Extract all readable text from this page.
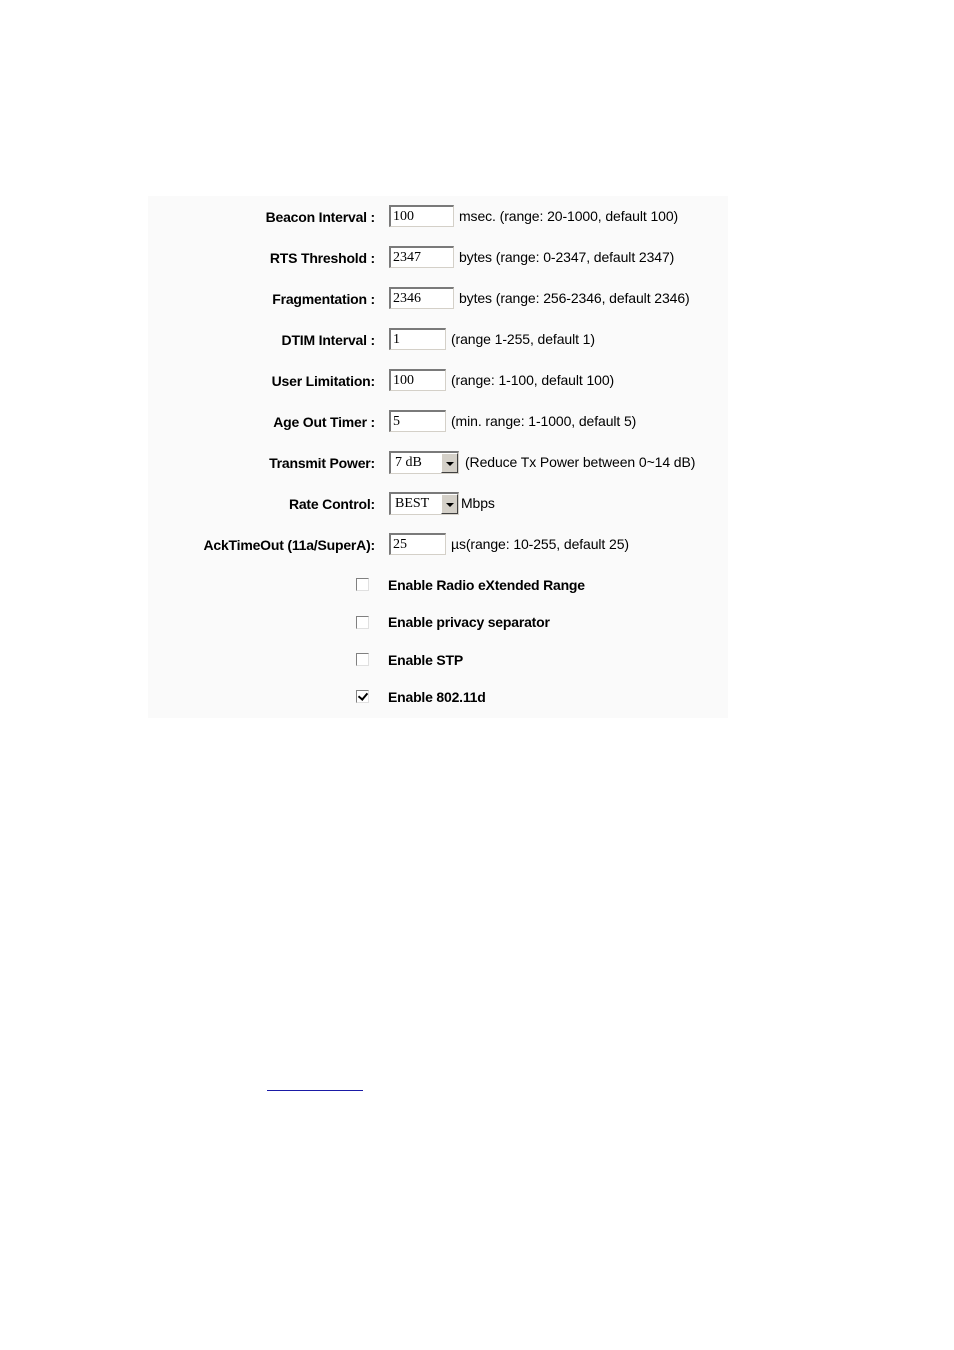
Beacon Interval :
100	msec. (range: 20-1000, default 100)
RTS Threshold :
2347	bytes (range: 0-2347, default 2347)
Fragmentation :
2346	bytes (range: 256-2346, default 2346)
DTIM Interval :
1	(range 1-255, default 1)
User Limitation:
100	(range: 1-100, default 100)
Age Out Timer :
5	(min. range: 1-1000, default 5)
Transmit Power: 7 dB	(Reduce Tx Power between 0~14 dB)
Rate Control: BEST Mbps
AckTimeOut (11a/SuperA):
25	µs(range: 10-255, default 25)
Enable Radio eXtended Range
Enable privacy separator
Enable STP
Enable 802.11d
